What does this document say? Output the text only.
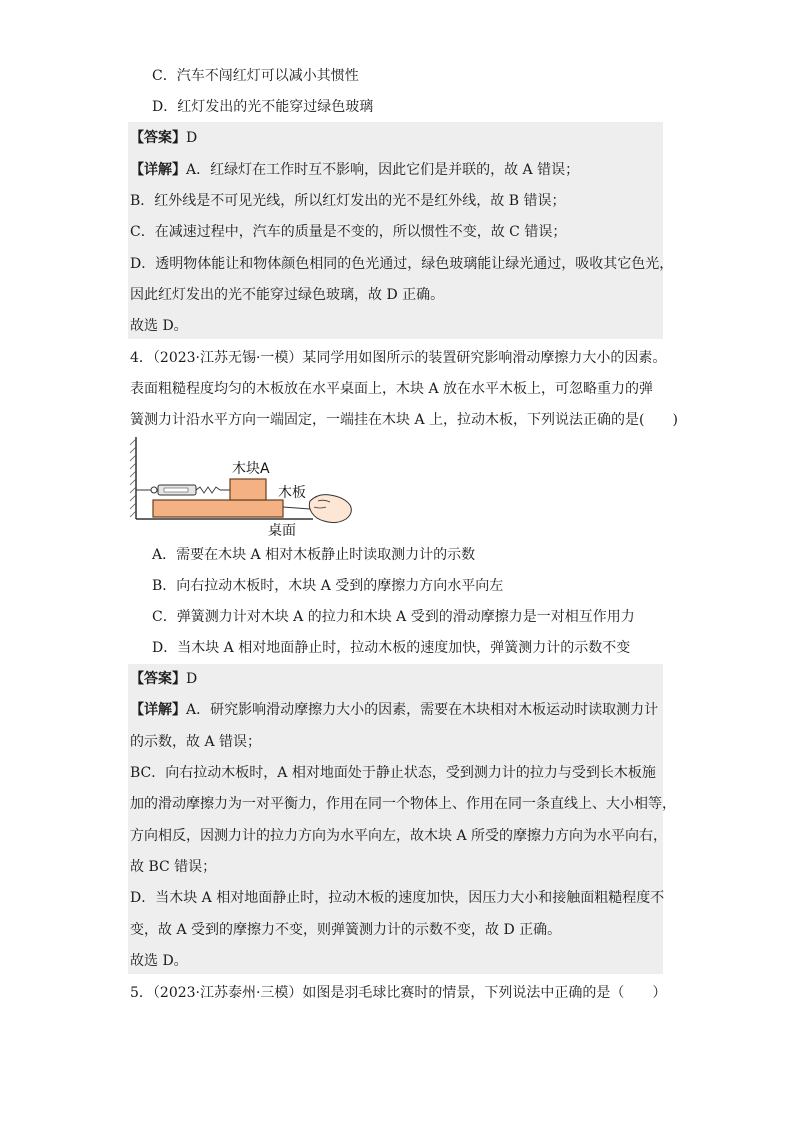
C．汽车不闯红灯可以减小其惯性
D．红灯发出的光不能穿过绿色玻璃
【答案】D
【详解】A．红绿灯在工作时互不影响，因此它们是并联的，故 A 错误；
B．红外线是不可见光线，所以红灯发出的光不是红外线，故 B 错误；
C．在减速过程中，汽车的质量是不变的，所以惯性不变，故 C 错误；
D．透明物体能让和物体颜色相同的色光通过，绿色玻璃能让绿光通过，吸收其它色光，
因此红灯发出的光不能穿过绿色玻璃，故 D 正确。
故选 D。
4．（2023·江苏无锡·一模）某同学用如图所示的装置研究影响滑动摩擦力大小的因素。
表面粗糙程度均匀的木板放在水平桌面上，木块 A 放在水平木板上，可忽略重力的弹
簧测力计沿水平方向一端固定，一端挂在木块 A 上，拉动木板，下列说法正确的是(　　)
木块A
木板
桌面
A．需要在木块 A 相对木板静止时读取测力计的示数
B．向右拉动木板时，木块 A 受到的摩擦力方向水平向左
C．弹簧测力计对木块 A 的拉力和木块 A 受到的滑动摩擦力是一对相互作用力
D．当木块 A 相对地面静止时，拉动木板的速度加快，弹簧测力计的示数不变
【答案】D
【详解】A．研究影响滑动摩擦力大小的因素，需要在木块相对木板运动时读取测力计
的示数，故 A 错误；
BC．向右拉动木板时，A 相对地面处于静止状态，受到测力计的拉力与受到长木板施
加的滑动摩擦力为一对平衡力，作用在同一个物体上、作用在同一条直线上、大小相等，
方向相反，因测力计的拉力方向为水平向左，故木块 A 所受的摩擦力方向为水平向右，
故 BC 错误；
D．当木块 A 相对地面静止时，拉动木板的速度加快，因压力大小和接触面粗糙程度不
变，故 A 受到的摩擦力不变，则弹簧测力计的示数不变，故 D 正确。
故选 D。
5．（2023·江苏泰州·三模）如图是羽毛球比赛时的情景，下列说法中正确的是（　　）
